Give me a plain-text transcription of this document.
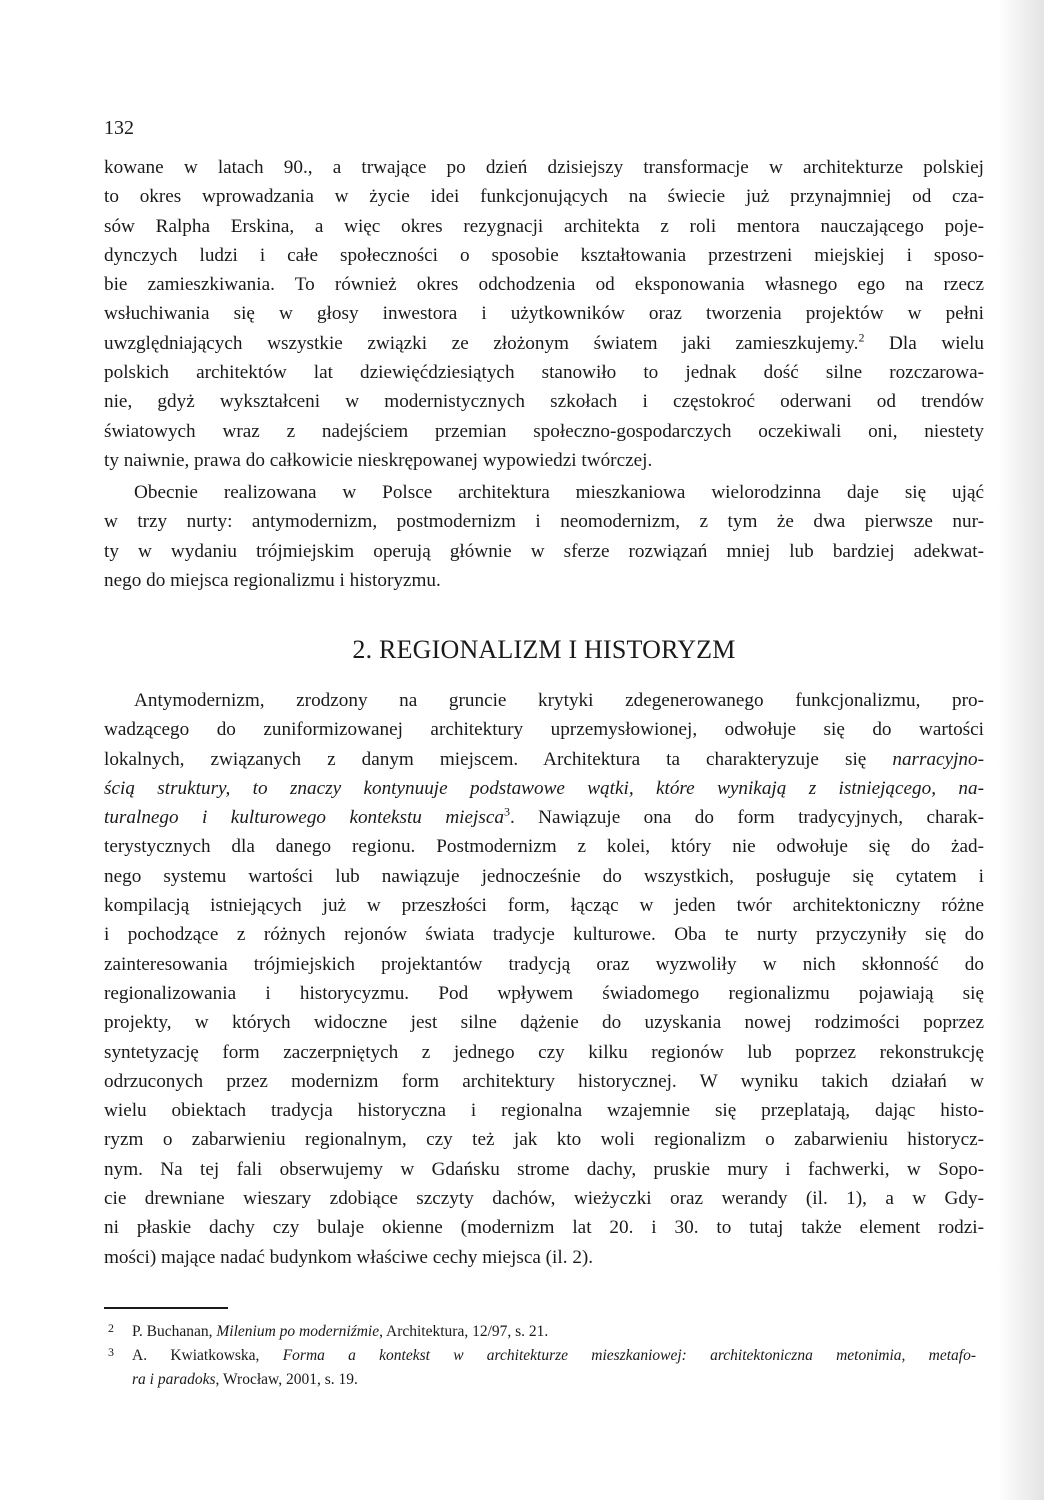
132
kowane w latach 90., a trwające po dzień dzisiejszy transformacje w architekturze polskiej
to okres wprowadzania w życie idei funkcjonujących na świecie już przynajmniej od cza-
sów Ralpha Erskina, a więc okres rezygnacji architekta z roli mentora nauczającego poje-
dynczych ludzi i całe społeczności o sposobie kształtowania przestrzeni miejskiej i sposo-
bie zamieszkiwania. To również okres odchodzenia od eksponowania własnego ego na rzecz
wsłuchiwania się w głosy inwestora i użytkowników oraz tworzenia projektów w pełni
uwzględniających wszystkie związki ze złożonym światem jaki zamieszkujemy.$^2$ Dla wielu
polskich architektów lat dziewięćdziesiątych stanowiło to jednak dość silne rozczarowa-
nie, gdyż wykształceni w modernistycznych szkołach i częstokroć oderwani od trendów
światowych wraz z nadejściem przemian społeczno-gospodarczych oczekiwali oni, niestety
ty naiwnie, prawa do całkowicie nieskrępowanej wypowiedzi twórczej.
Obecnie realizowana w Polsce architektura mieszkaniowa wielorodzinna daje się ująć
w trzy nurty: antymodernizm, postmodernizm i neomodernizm, z tym że dwa pierwsze nur-
ty w wydaniu trójmiejskim operują głównie w sferze rozwiązań mniej lub bardziej adekwat-
nego do miejsca regionalizmu i historyzmu.
2. REGIONALIZM I HISTORYZM
Antymodernizm, zrodzony na gruncie krytyki zdegenerowanego funkcjonalizmu, pro-
wadzącego do zuniformizowanej architektury uprzemysłowionej, odwołuje się do wartości
lokalnych, związanych z danym miejscem. Architektura ta charakteryzuje się narracyjno-
ścią struktury, to znaczy kontynuuje podstawowe wątki, które wynikają z istniejącego, na-
turalnego i kulturowego kontekstu miejsca$^3$. Nawiązuje ona do form tradycyjnych, charak-
terystycznych dla danego regionu. Postmodernizm z kolei, który nie odwołuje się do żad-
nego systemu wartości lub nawiązuje jednocześnie do wszystkich, posługuje się cytatem i
kompilacją istniejących już w przeszłości form, łącząc w jeden twór architektoniczny różne
i pochodzące z różnych rejonów świata tradycje kulturowe. Oba te nurty przyczyniły się do
zainteresowania trójmiejskich projektantów tradycją oraz wyzwoliły w nich skłonność do
regionalizowania i historycyzmu. Pod wpływem świadomego regionalizmu pojawiają się
projekty, w których widoczne jest silne dążenie do uzyskania nowej rodzimości poprzez
syntetyzację form zaczerpniętych z jednego czy kilku regionów lub poprzez rekonstrukcję
odrzuconych przez modernizm form architektury historycznej. W wyniku takich działań w
wielu obiektach tradycja historyczna i regionalna wzajemnie się przeplatają, dając histo-
ryzm o zabarwieniu regionalnym, czy też jak kto woli regionalizm o zabarwieniu historycz-
nym. Na tej fali obserwujemy w Gdańsku strome dachy, pruskie mury i fachwerki, w Sopo-
cie drewniane wieszary zdobiące szczyty dachów, wieżyczki oraz werandy (il. 1), a w Gdy-
ni płaskie dachy czy bulaje okienne (modernizm lat 20. i 30. to tutaj także element rodzi-
mości) mające nadać budynkom właściwe cechy miejsca (il. 2).
2 P. Buchanan, Milenium po moderniźmie, Architektura, 12/97, s. 21.
3 A. Kwiatkowska, Forma a kontekst w architekturze mieszkaniowej: architektoniczna metonimia, metafo-
ra i paradoks, Wrocław, 2001, s. 19.
